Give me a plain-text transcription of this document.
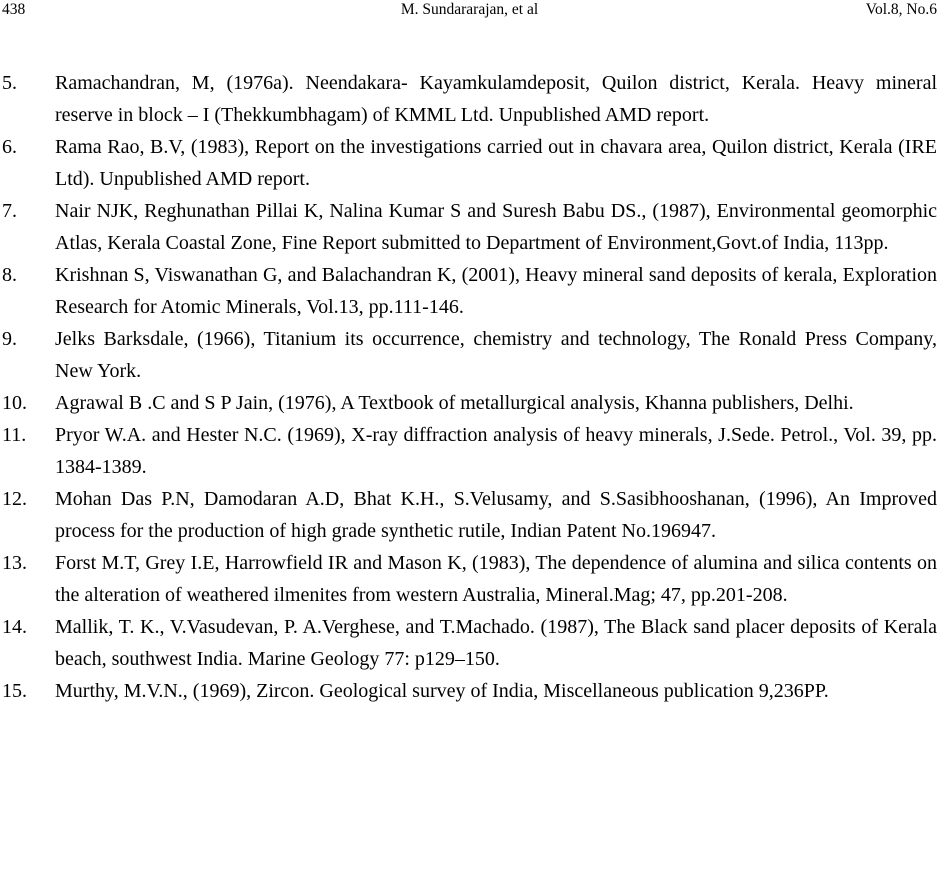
M. Sundararajan, et al
438	Vol.8, No.6
5. Ramachandran, M, (1976a). Neendakara- Kayamkulamdeposit, Quilon district, Kerala. Heavy mineral reserve in block – I (Thekkumbhagam) of KMML Ltd. Unpublished AMD report.
6. Rama Rao, B.V, (1983), Report on the investigations carried out in chavara area, Quilon district, Kerala (IRE Ltd). Unpublished AMD report.
7. Nair NJK, Reghunathan Pillai K, Nalina Kumar S and Suresh Babu DS., (1987), Environmental geomorphic Atlas, Kerala Coastal Zone, Fine Report submitted to Department of Environment,Govt.of India, 113pp.
8. Krishnan S, Viswanathan G, and Balachandran K, (2001), Heavy mineral sand deposits of kerala, Exploration Research for Atomic Minerals, Vol.13, pp.111-146.
9. Jelks Barksdale, (1966), Titanium its occurrence, chemistry and technology, The Ronald Press Company, New York.
10. Agrawal B .C and S P Jain, (1976), A Textbook of metallurgical analysis, Khanna publishers, Delhi.
11. Pryor W.A. and Hester N.C. (1969), X-ray diffraction analysis of heavy minerals, J.Sede. Petrol., Vol. 39, pp. 1384-1389.
12. Mohan Das P.N, Damodaran A.D, Bhat K.H., S.Velusamy, and S.Sasibhooshanan, (1996), An Improved process for the production of high grade synthetic rutile, Indian Patent No.196947.
13. Forst M.T, Grey I.E, Harrowfield IR and Mason K, (1983), The dependence of alumina and silica contents on the alteration of weathered ilmenites from western Australia, Mineral.Mag; 47, pp.201-208.
14. Mallik, T. K., V.Vasudevan, P. A.Verghese, and T.Machado. (1987), The Black sand placer deposits of Kerala beach, southwest India. Marine Geology 77: p129–150.
15. Murthy, M.V.N., (1969), Zircon. Geological survey of India, Miscellaneous publication 9,236PP.
